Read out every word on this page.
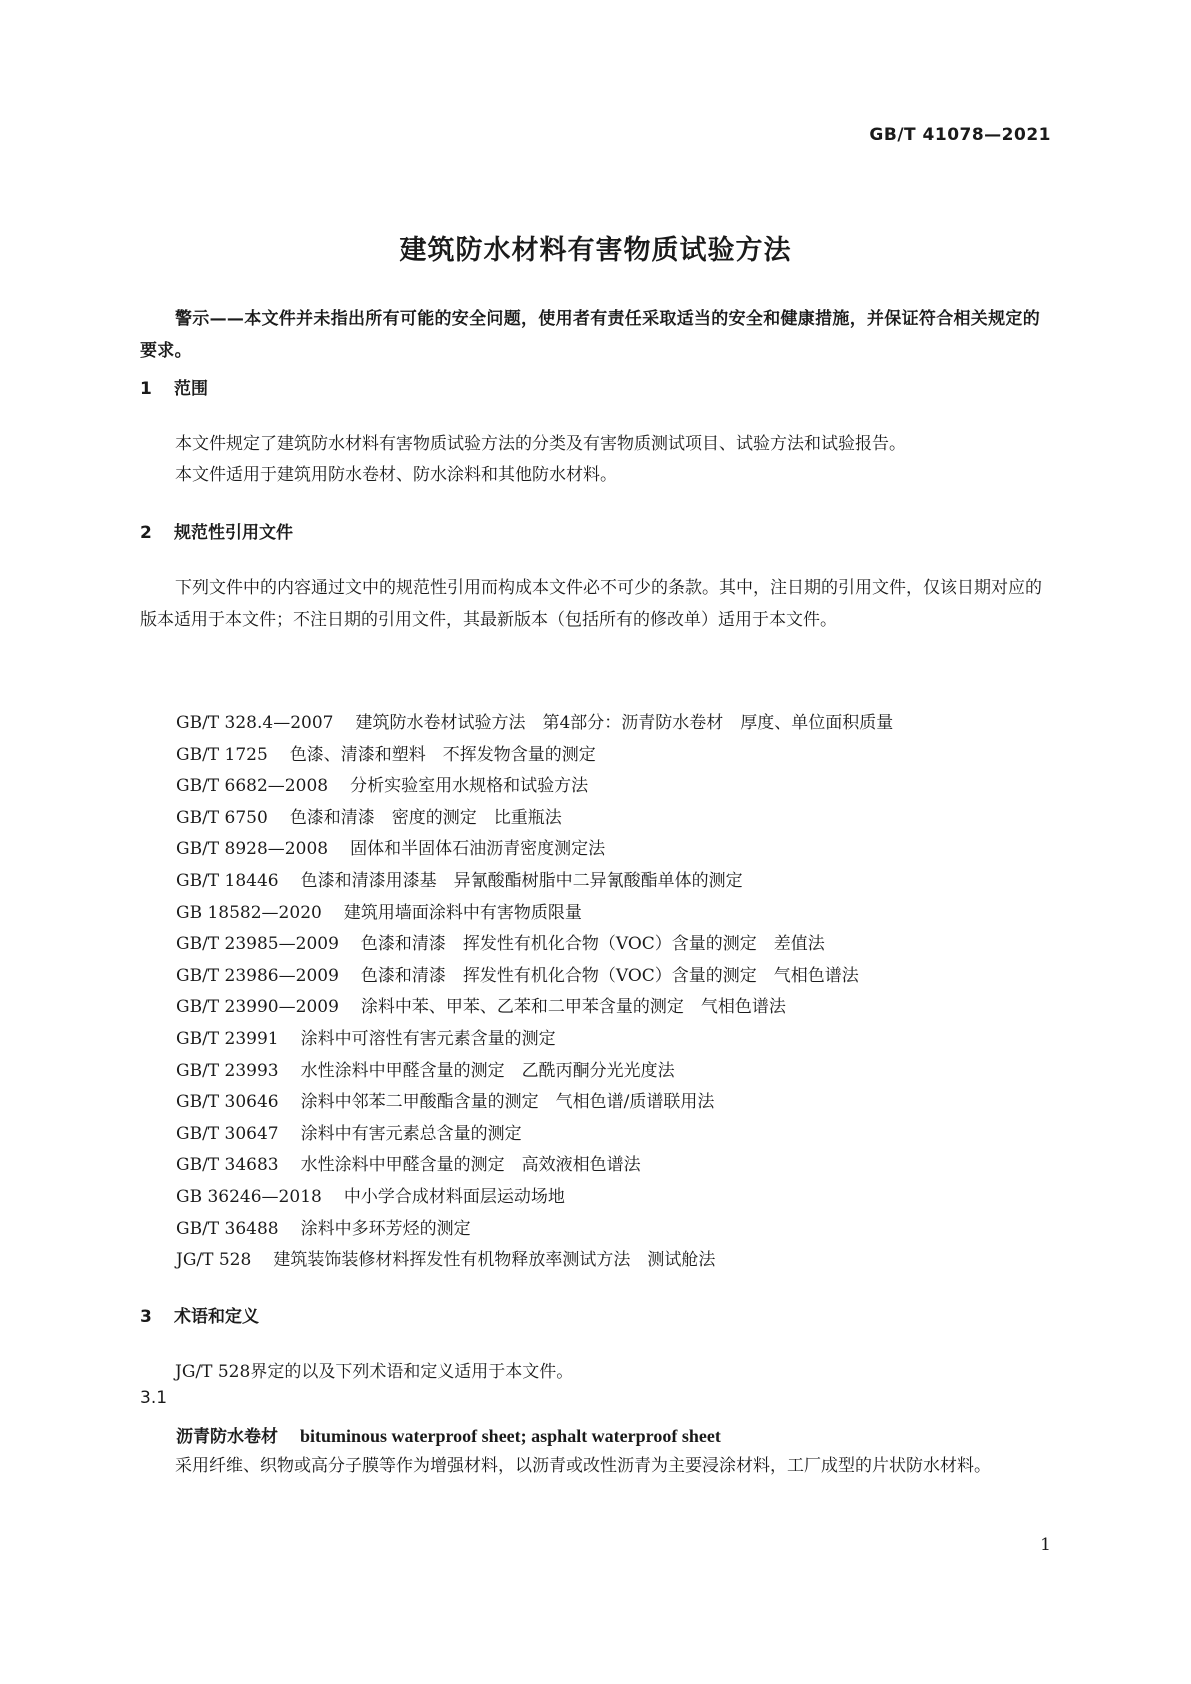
GB/T 41078—2021
建筑防水材料有害物质试验方法
警示——本文件并未指出所有可能的安全问题，使用者有责任采取适当的安全和健康措施，并保证符合相关规定的要求。
1 范围
本文件规定了建筑防水材料有害物质试验方法的分类及有害物质测试项目、试验方法和试验报告。
本文件适用于建筑用防水卷材、防水涂料和其他防水材料。
2 规范性引用文件
下列文件中的内容通过文中的规范性引用而构成本文件必不可少的条款。其中，注日期的引用文件，仅该日期对应的版本适用于本文件；不注日期的引用文件，其最新版本（包括所有的修改单）适用于本文件。
GB/T 328.4—2007 建筑防水卷材试验方法　第4部分：沥青防水卷材　厚度、单位面积质量
GB/T 1725 色漆、清漆和塑料　不挥发物含量的测定
GB/T 6682—2008 分析实验室用水规格和试验方法
GB/T 6750 色漆和清漆　密度的测定　比重瓶法
GB/T 8928—2008 固体和半固体石油沥青密度测定法
GB/T 18446 色漆和清漆用漆基　异氰酸酯树脂中二异氰酸酯单体的测定
GB 18582—2020 建筑用墙面涂料中有害物质限量
GB/T 23985—2009 色漆和清漆　挥发性有机化合物（VOC）含量的测定　差值法
GB/T 23986—2009 色漆和清漆　挥发性有机化合物（VOC）含量的测定　气相色谱法
GB/T 23990—2009 涂料中苯、甲苯、乙苯和二甲苯含量的测定　气相色谱法
GB/T 23991 涂料中可溶性有害元素含量的测定
GB/T 23993 水性涂料中甲醛含量的测定　乙酰丙酮分光光度法
GB/T 30646 涂料中邻苯二甲酸酯含量的测定　气相色谱/质谱联用法
GB/T 30647 涂料中有害元素总含量的测定
GB/T 34683 水性涂料中甲醛含量的测定　高效液相色谱法
GB 36246—2018 中小学合成材料面层运动场地
GB/T 36488 涂料中多环芳烃的测定
JG/T 528 建筑装饰装修材料挥发性有机物释放率测试方法　测试舱法
3 术语和定义
JG/T 528界定的以及下列术语和定义适用于本文件。
3.1
沥青防水卷材 bituminous waterproof sheet; asphalt waterproof sheet
采用纤维、织物或高分子膜等作为增强材料，以沥青或改性沥青为主要浸涂材料，工厂成型的片状防水材料。
1
